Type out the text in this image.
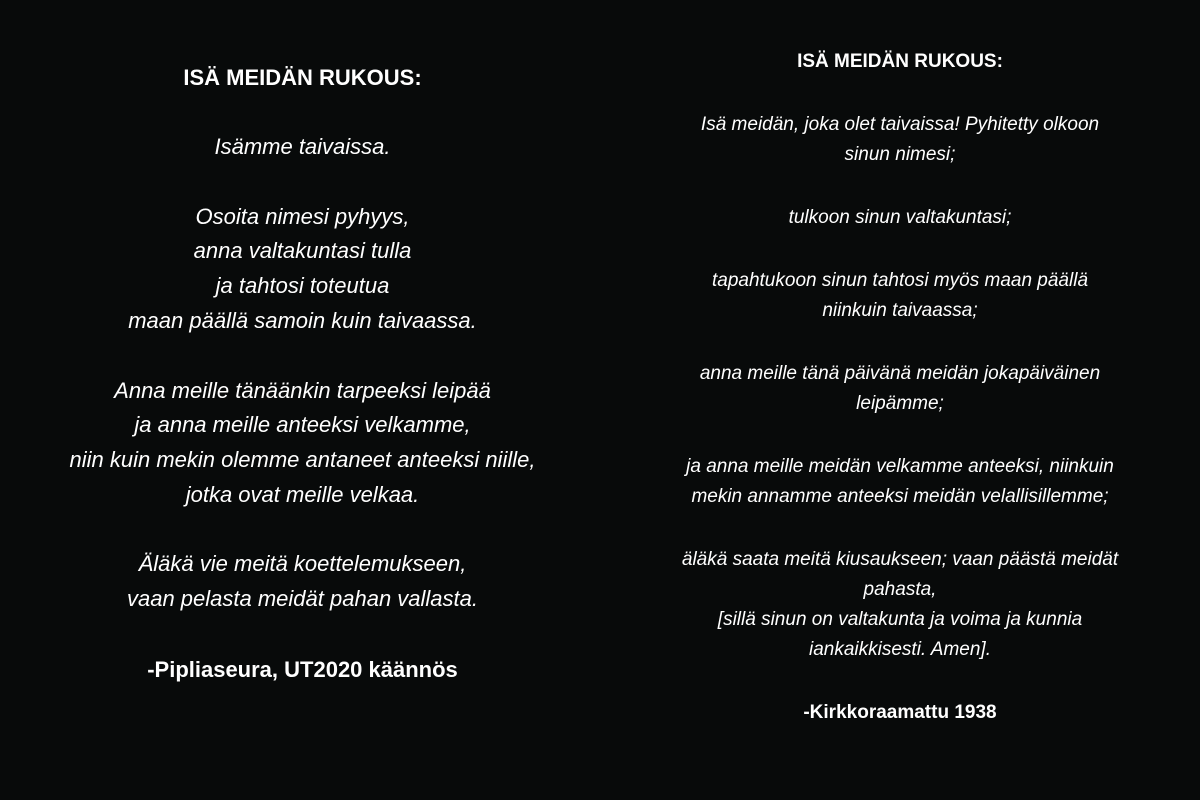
ISÄ MEIDÄN RUKOUS:

Isämme taivaissa.

Osoita nimesi pyhyys,
anna valtakuntasi tulla
ja tahtosi toteutua
maan päällä samoin kuin taivaassa.

Anna meille tänäänkin tarpeeksi leipää
ja anna meille anteeksi velkamme,
niin kuin mekin olemme antaneet anteeksi niille,
jotka ovat meille velkaa.

Äläkä vie meitä koettelemukseen,
vaan pelasta meidät pahan vallasta.

-Pipliaseura, UT2020 käännös

ISÄ MEIDÄN RUKOUS:

Isä meidän, joka olet taivaissa! Pyhitetty olkoon
sinun nimesi;

tulkoon sinun valtakuntasi;

tapahtukoon sinun tahtosi myös maan päällä
niinkuin taivaassa;

anna meille tänä päivänä meidän jokapäiväinen
leipämme;

ja anna meille meidän velkamme anteeksi, niinkuin
mekin annamme anteeksi meidän velallisillemme;

äläkä saata meitä kiusaukseen; vaan päästä meidät
pahasta,
[sillä sinun on valtakunta ja voima ja kunnia
iankaikkisesti. Amen].

-Kirkkoraamattu 1938
